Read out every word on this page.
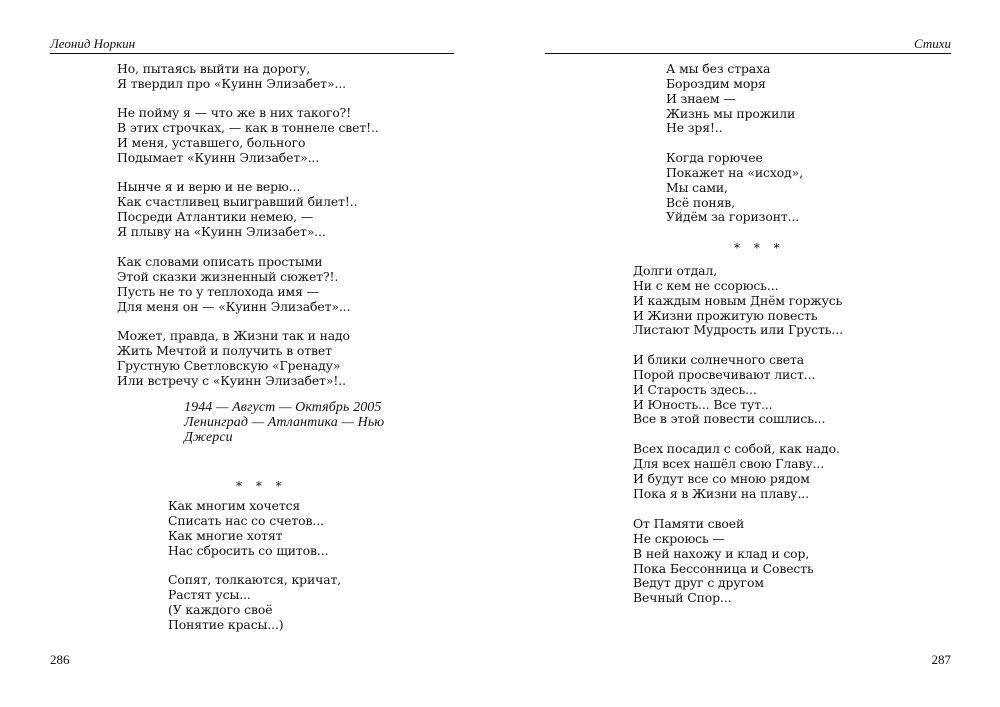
Леонид Норкин
Но, пытаясь выйти на дорогу,
Я твердил про «Куинн Элизабет»...
Не пойму я — что же в них такого?!
В этих строчках, — как в тоннеле свет!..
И меня, уставшего, больного
Подымает «Куинн Элизабет»...
Нынче я и верю и не верю...
Как счастливец выигравший билет!..
Посреди Атлантики немею, —
Я плыву на «Куинн Элизабет»...
Как словами описать простыми
Этой сказки жизненный сюжет?!.
Пусть не то у теплохода имя —
Для меня он — «Куинн Элизабет»...
Может, правда, в Жизни так и надо
Жить Мечтой и получить в ответ
Грустную Светловскую «Гренаду»
Или встречу с «Куинн Элизабет»!..
1944 — Август — Октябрь 2005
Ленинград — Атлантика — Нью
Джерси
* * *
Как многим хочется
Списать нас со счетов...
Как многие хотят
Нас сбросить со щитов...
Сопят, толкаются, кричат,
Растят усы...
(У каждого своё
Понятие красы...)
286
Стихи
А мы без страха
Бороздим моря
И знаем —
Жизнь мы прожили
Не зря!..
Когда горючее
Покажет на «исход»,
Мы сами,
Всё поняв,
Уйдём за горизонт...
* * *
Долги отдал,
Ни с кем не ссорюсь...
И каждым новым Днём горжусь
И Жизни прожитую повесть
Листают Мудрость или Грусть...
И блики солнечного света
Порой просвечивают лист...
И Старость здесь...
И Юность... Все тут...
Все в этой повести сошлись...
Всех посадил с собой, как надо.
Для всех нашёл свою Главу...
И будут все со мною рядом
Пока я в Жизни на плаву...
От Памяти своей
Не скроюсь —
В ней нахожу и клад и сор,
Пока Бессонница и Совесть
Ведут друг с другом
Вечный Спор...
287
